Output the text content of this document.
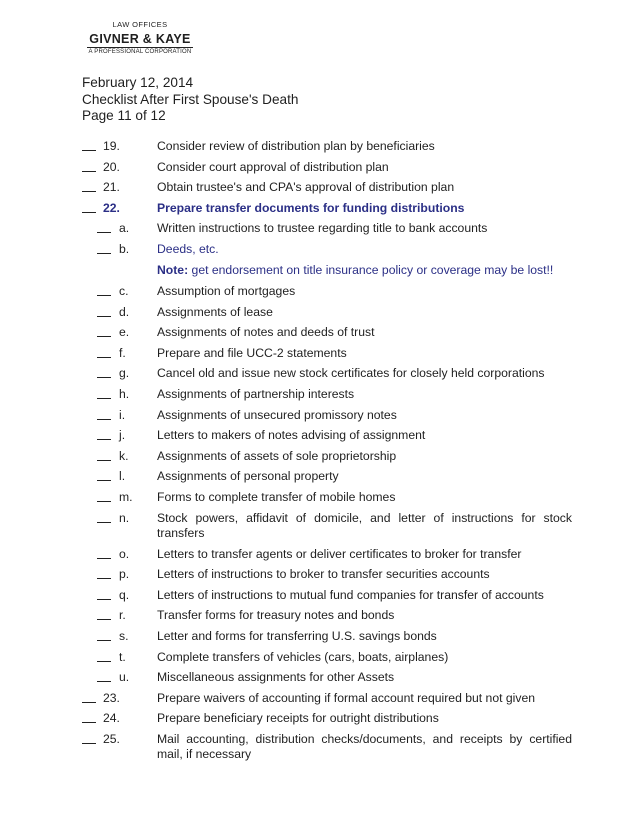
LAW OFFICES
GIVNER & KAYE
A PROFESSIONAL CORPORATION
February 12, 2014
Checklist After First Spouse's Death
Page 11 of 12
19.	Consider review of distribution plan by beneficiaries
20.	Consider court approval of distribution plan
21.	Obtain trustee's and CPA's approval of distribution plan
22.	Prepare transfer documents for funding distributions
a. Written instructions to trustee regarding title to bank accounts
b. Deeds, etc.
Note: get endorsement on title insurance policy or coverage may be lost!!
c. Assumption of mortgages
d. Assignments of lease
e. Assignments of notes and deeds of trust
f.	Prepare and file UCC-2 statements
g. Cancel old and issue new stock certificates for closely held corporations
h. Assignments of partnership interests
i.	Assignments of unsecured promissory notes
j.	Letters to makers of notes advising of assignment
k. Assignments of assets of sole proprietorship
l.	Assignments of personal property
m. Forms to complete transfer of mobile homes
n. Stock powers, affidavit of domicile, and letter of instructions for stock transfers
o. Letters to transfer agents or deliver certificates to broker for transfer
p. Letters of instructions to broker to transfer securities accounts
q. Letters of instructions to mutual fund companies for transfer of accounts
r.	Transfer forms for treasury notes and bonds
s. Letter and forms for transferring U.S. savings bonds
t.	Complete transfers of vehicles (cars, boats, airplanes)
u. Miscellaneous assignments for other Assets
23.	Prepare waivers of accounting if formal account required but not given
24.	Prepare beneficiary receipts for outright distributions
25.	Mail accounting, distribution checks/documents, and receipts by certified mail, if necessary
